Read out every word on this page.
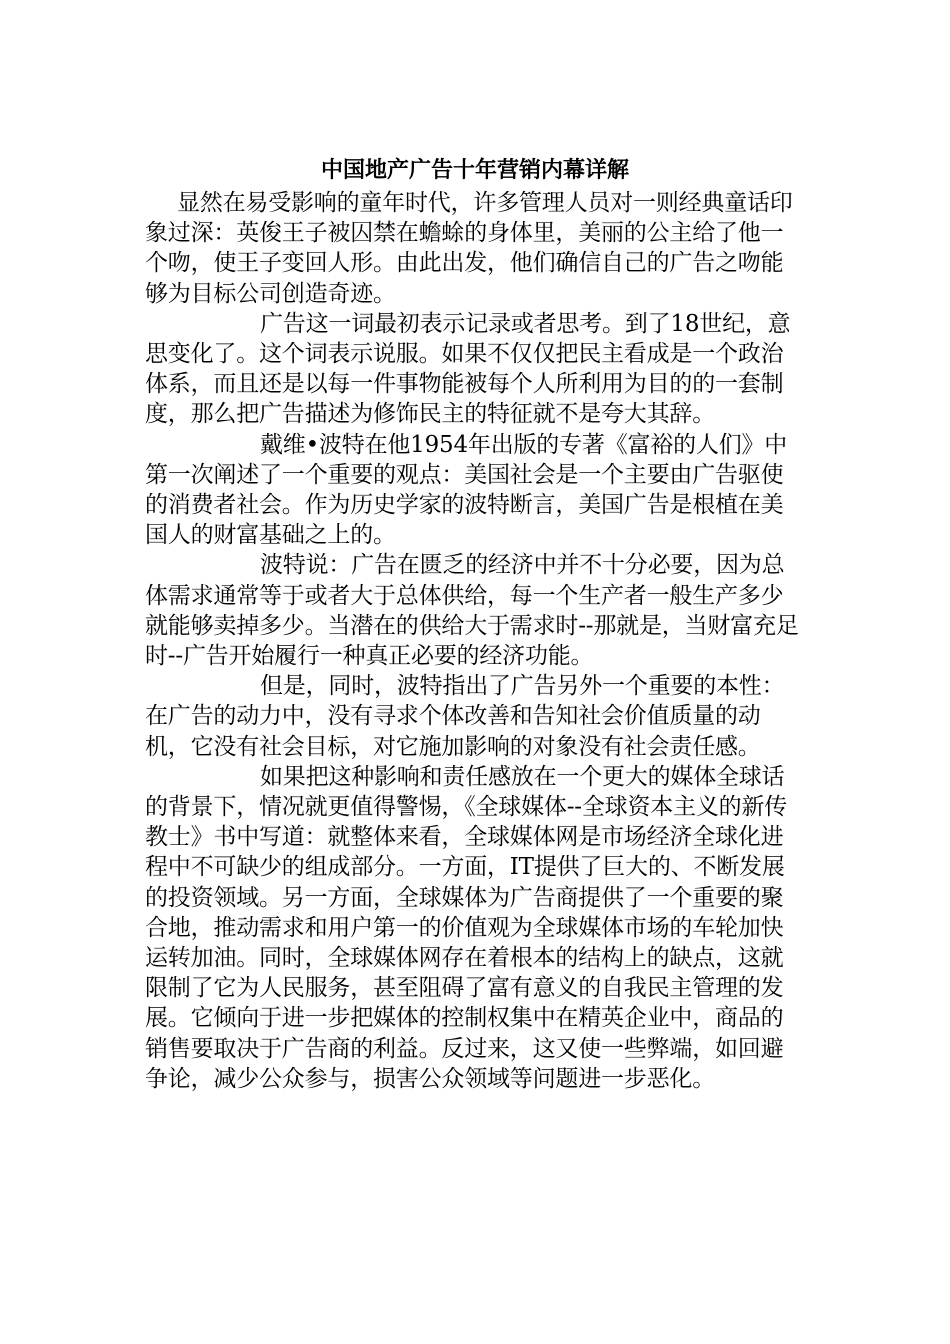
中国地产广告十年营销内幕详解

显然在易受影响的童年时代，许多管理人员对一则经典童话印象过深：英俊王子被囚禁在蟾蜍的身体里，美丽的公主给了他一个吻，使王子变回人形。由此出发，他们确信自己的广告之吻能够为目标公司创造奇迹。

广告这一词最初表示记录或者思考。到了18世纪，意思变化了。这个词表示说服。如果不仅仅把民主看成是一个政治体系，而且还是以每一件事物能被每个人所利用为目的的一套制度，那么把广告描述为修饰民主的特征就不是夸大其辞。

戴维•波特在他1954年出版的专著《富裕的人们》中第一次阐述了一个重要的观点：美国社会是一个主要由广告驱使的消费者社会。作为历史学家的波特断言，美国广告是根植在美国人的财富基础之上的。

波特说：广告在匮乏的经济中并不十分必要，因为总体需求通常等于或者大于总体供给，每一个生产者一般生产多少就能够卖掉多少。当潜在的供给大于需求时--那就是，当财富充足时--广告开始履行一种真正必要的经济功能。

但是，同时，波特指出了广告另外一个重要的本性：在广告的动力中，没有寻求个体改善和告知社会价值质量的动机，它没有社会目标，对它施加影响的对象没有社会责任感。

如果把这种影响和责任感放在一个更大的媒体全球话的背景下，情况就更值得警惕，《全球媒体--全球资本主义的新传教士》书中写道：就整体来看，全球媒体网是市场经济全球化进程中不可缺少的组成部分。一方面，IT提供了巨大的、不断发展的投资领域。另一方面，全球媒体为广告商提供了一个重要的聚合地，推动需求和用户第一的价值观为全球媒体市场的车轮加快运转加油。同时，全球媒体网存在着根本的结构上的缺点，这就限制了它为人民服务，甚至阻碍了富有意义的自我民主管理的发展。它倾向于进一步把媒体的控制权集中在精英企业中，商品的销售要取决于广告商的利益。反过来，这又使一些弊端，如回避争论，减少公众参与，损害公众领域等问题进一步恶化。
